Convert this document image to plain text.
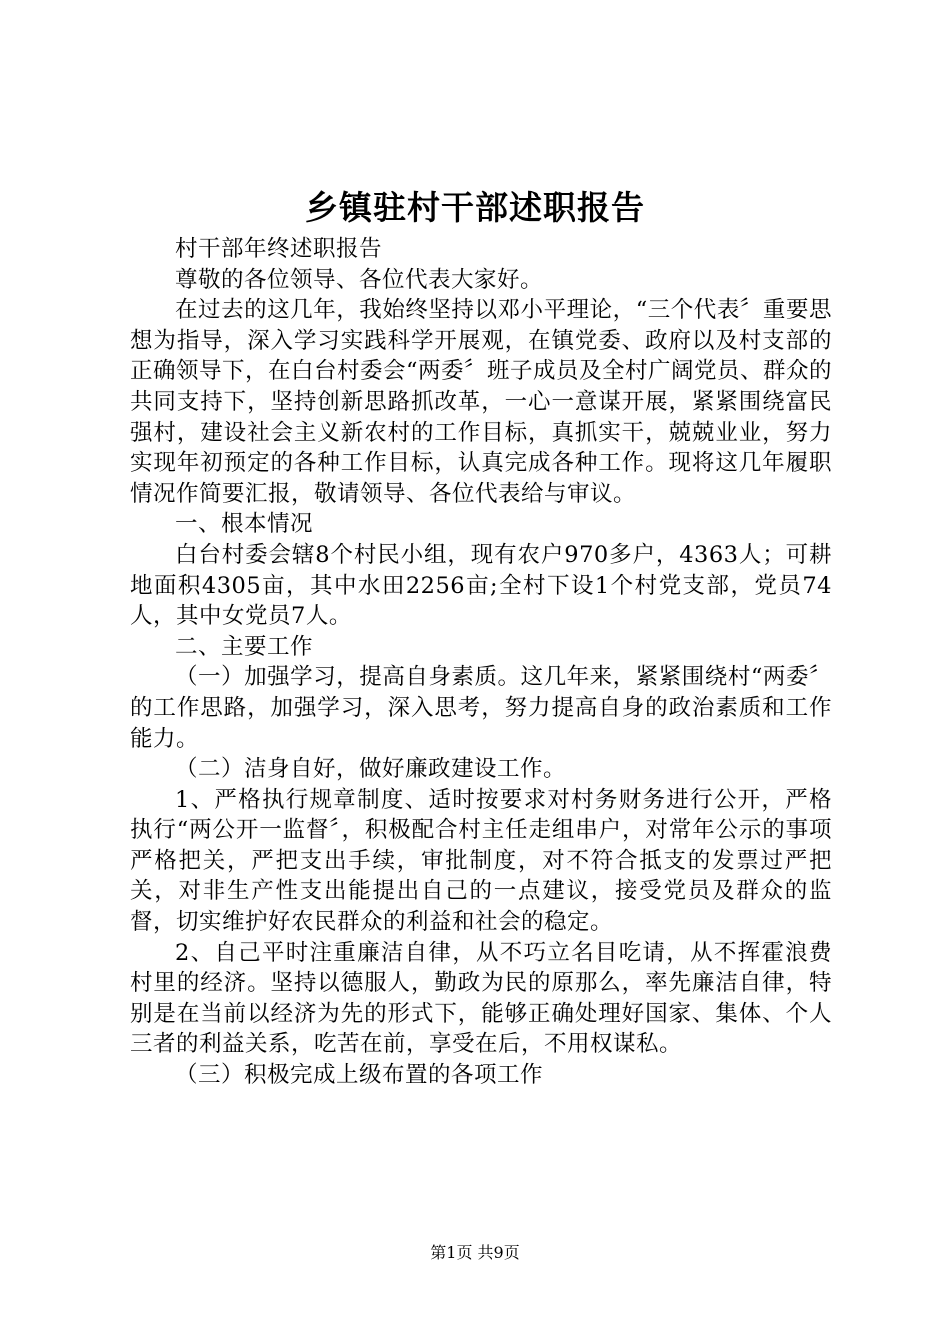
乡镇驻村干部述职报告

村干部年终述职报告

尊敬的各位领导、各位代表大家好。

在过去的这几年，我始终坚持以邓小平理论，“三个代表〞重要思想为指导，深入学习实践科学开展观，在镇党委、政府以及村支部的正确领导下，在白台村委会“两委〞班子成员及全村广阔党员、群众的共同支持下，坚持创新思路抓改革，一心一意谋开展，紧紧围绕富民强村，建设社会主义新农村的工作目标，真抓实干，兢兢业业，努力实现年初预定的各种工作目标，认真完成各种工作。现将这几年履职情况作简要汇报，敬请领导、各位代表给与审议。

一、根本情况

白台村委会辖8个村民小组，现有农户970多户，4363人；可耕地面积4305亩，其中水田2256亩;全村下设1个村党支部，党员74人，其中女党员7人。

二、主要工作

（一）加强学习，提高自身素质。这几年来，紧紧围绕村“两委〞的工作思路，加强学习，深入思考，努力提高自身的政治素质和工作能力。

（二）洁身自好，做好廉政建设工作。

1、严格执行规章制度、适时按要求对村务财务进行公开，严格执行“两公开一监督〞，积极配合村主任走组串户，对常年公示的事项严格把关，严把支出手续，审批制度，对不符合抵支的发票过严把关，对非生产性支出能提出自己的一点建议，接受党员及群众的监督，切实维护好农民群众的利益和社会的稳定。

2、自己平时注重廉洁自律，从不巧立名目吃请，从不挥霍浪费村里的经济。坚持以德服人，勤政为民的原那么，率先廉洁自律，特别是在当前以经济为先的形式下，能够正确处理好国家、集体、个人三者的利益关系，吃苦在前，享受在后，不用权谋私。

（三）积极完成上级布置的各项工作

第1页 共9页
